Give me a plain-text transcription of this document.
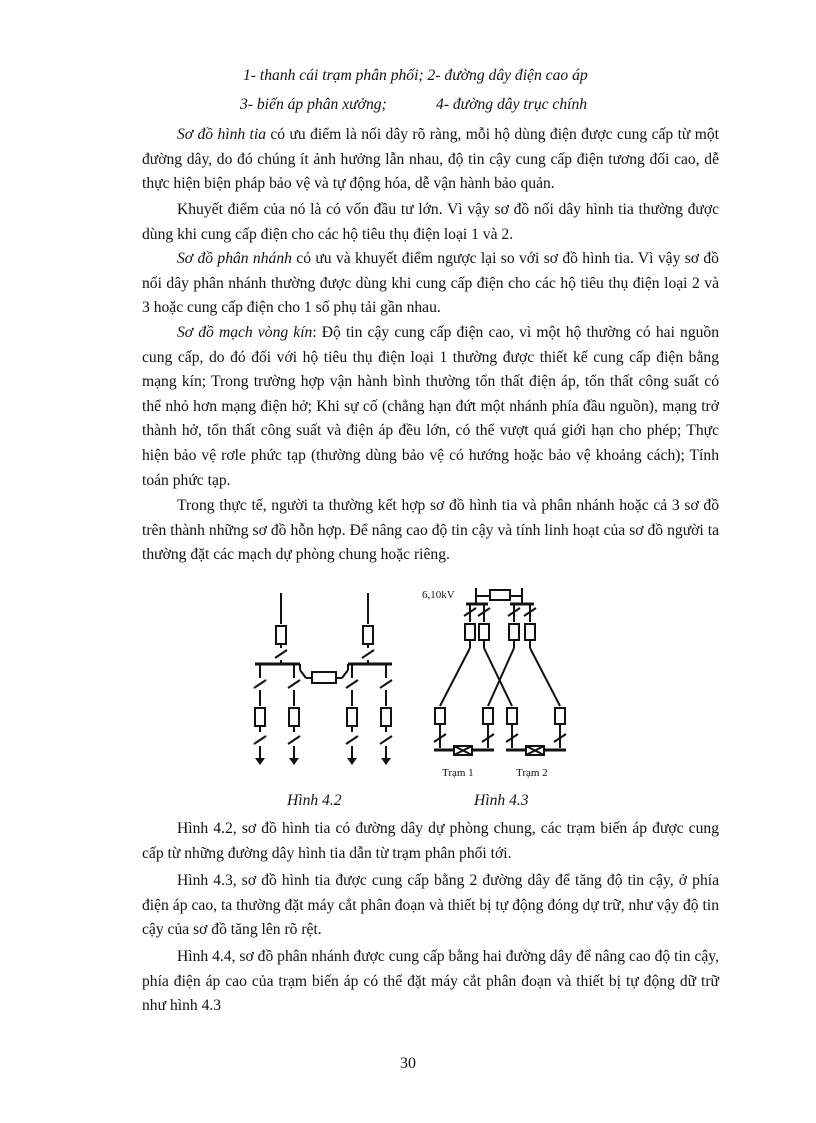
1- thanh cái trạm phân phối; 2- đường dây điện cao áp
3- biến áp phân xưởng;	4- đường dây trục chính

Sơ đồ hình tia có ưu điểm là nối dây rõ ràng, mỗi hộ dùng điện được cung cấp từ một đường dây, do đó chúng ít ảnh hưởng lẫn nhau, độ tin cậy cung cấp điện tương đối cao, dễ thực hiện biện pháp bảo vệ và tự động hóa, dễ vận hành bảo quản.

Khuyết điểm của nó là có vốn đầu tư lớn. Vì vậy sơ đồ nối dây hình tia thường được dùng khi cung cấp điện cho các hộ tiêu thụ điện loại 1 và 2.

Sơ đồ phân nhánh có ưu và khuyết điểm ngược lại so với sơ đồ hình tia. Vì vậy sơ đồ nối dây phân nhánh thường được dùng khi cung cấp điện cho các hộ tiêu thụ điện loại 2 và 3 hoặc cung cấp điện cho 1 số phụ tải gần nhau.

Sơ đồ mạch vòng kín: Độ tin cậy cung cấp điện cao, vì một hộ thường có hai nguồn cung cấp, do đó đối với hộ tiêu thụ điện loại 1 thường được thiết kế cung cấp điện bằng mạng kín; Trong trường hợp vận hành bình thường tổn thất điện áp, tổn thất công suất có thể nhỏ hơn mạng điện hở; Khi sự cố (chẳng hạn đứt một nhánh phía đầu nguồn), mạng trở thành hở, tổn thất công suất và điện áp đều lớn, có thể vượt quá giới hạn cho phép; Thực hiện bảo vệ rơle phức tạp (thường dùng bảo vệ có hướng hoặc bảo vệ khoảng cách); Tính toán phức tạp.

Trong thực tế, người ta thường kết hợp sơ đồ hình tia và phân nhánh hoặc cả 3 sơ đồ trên thành những sơ đồ hỗn hợp. Để nâng cao độ tin cậy và tính linh hoạt của sơ đồ người ta thường đặt các mạch dự phòng chung hoặc riêng.

6,10kV
Trạm 1	Trạm 2
Hình 4.2	Hình 4.3

Hình 4.2, sơ đồ hình tia có đường dây dự phòng chung, các trạm biến áp được cung cấp từ những đường dây hình tia dẫn từ trạm phân phối tới.

Hình 4.3, sơ đồ hình tia được cung cấp bằng 2 đường dây để tăng độ tin cậy, ở phía điện áp cao, ta thường đặt máy cắt phân đoạn và thiết bị tự động đóng dự trữ, như vậy độ tin cậy của sơ đồ tăng lên rõ rệt.

Hình 4.4, sơ đồ phân nhánh được cung cấp bằng hai đường dây để nâng cao độ tin cậy, phía điện áp cao của trạm biến áp có thể đặt máy cắt phân đoạn và thiết bị tự động dữ trữ như hình 4.3

30
